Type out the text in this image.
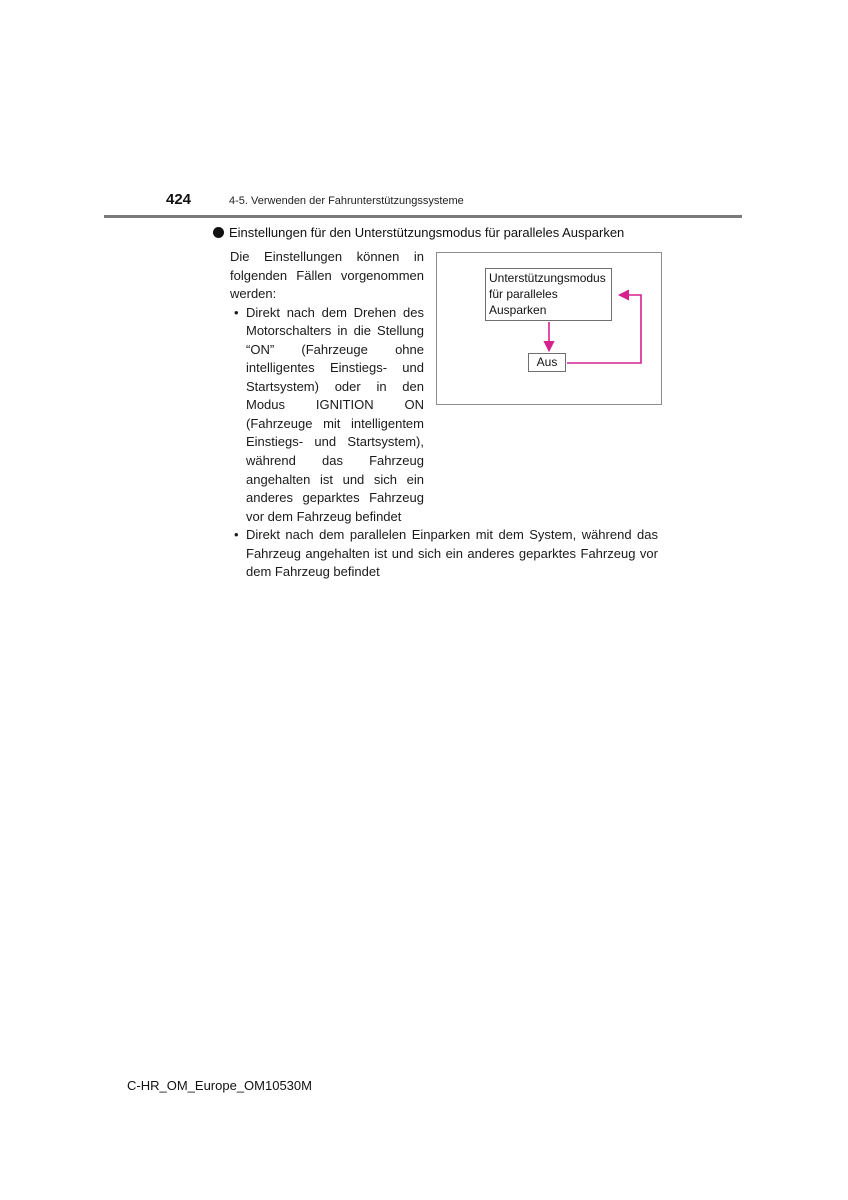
424	4-5. Verwenden der Fahrunterstützungssysteme
Einstellungen für den Unterstützungsmodus für paralleles Ausparken
Die Einstellungen können in folgenden Fällen vorgenommen werden:
• Direkt nach dem Drehen des Motorschalters in die Stellung “ON” (Fahrzeuge ohne intelligentes Einstiegs- und Startsystem) oder in den Modus IGNITION ON (Fahrzeuge mit intelligentem Einstiegs- und Startsystem), während das Fahrzeug angehalten ist und sich ein anderes geparktes Fahrzeug vor dem Fahrzeug befindet
• Direkt nach dem parallelen Einparken mit dem System, während das Fahrzeug angehalten ist und sich ein anderes geparktes Fahrzeug vor dem Fahrzeug befindet
Unterstützungsmodus für paralleles Ausparken
Aus
C-HR_OM_Europe_OM10530M
